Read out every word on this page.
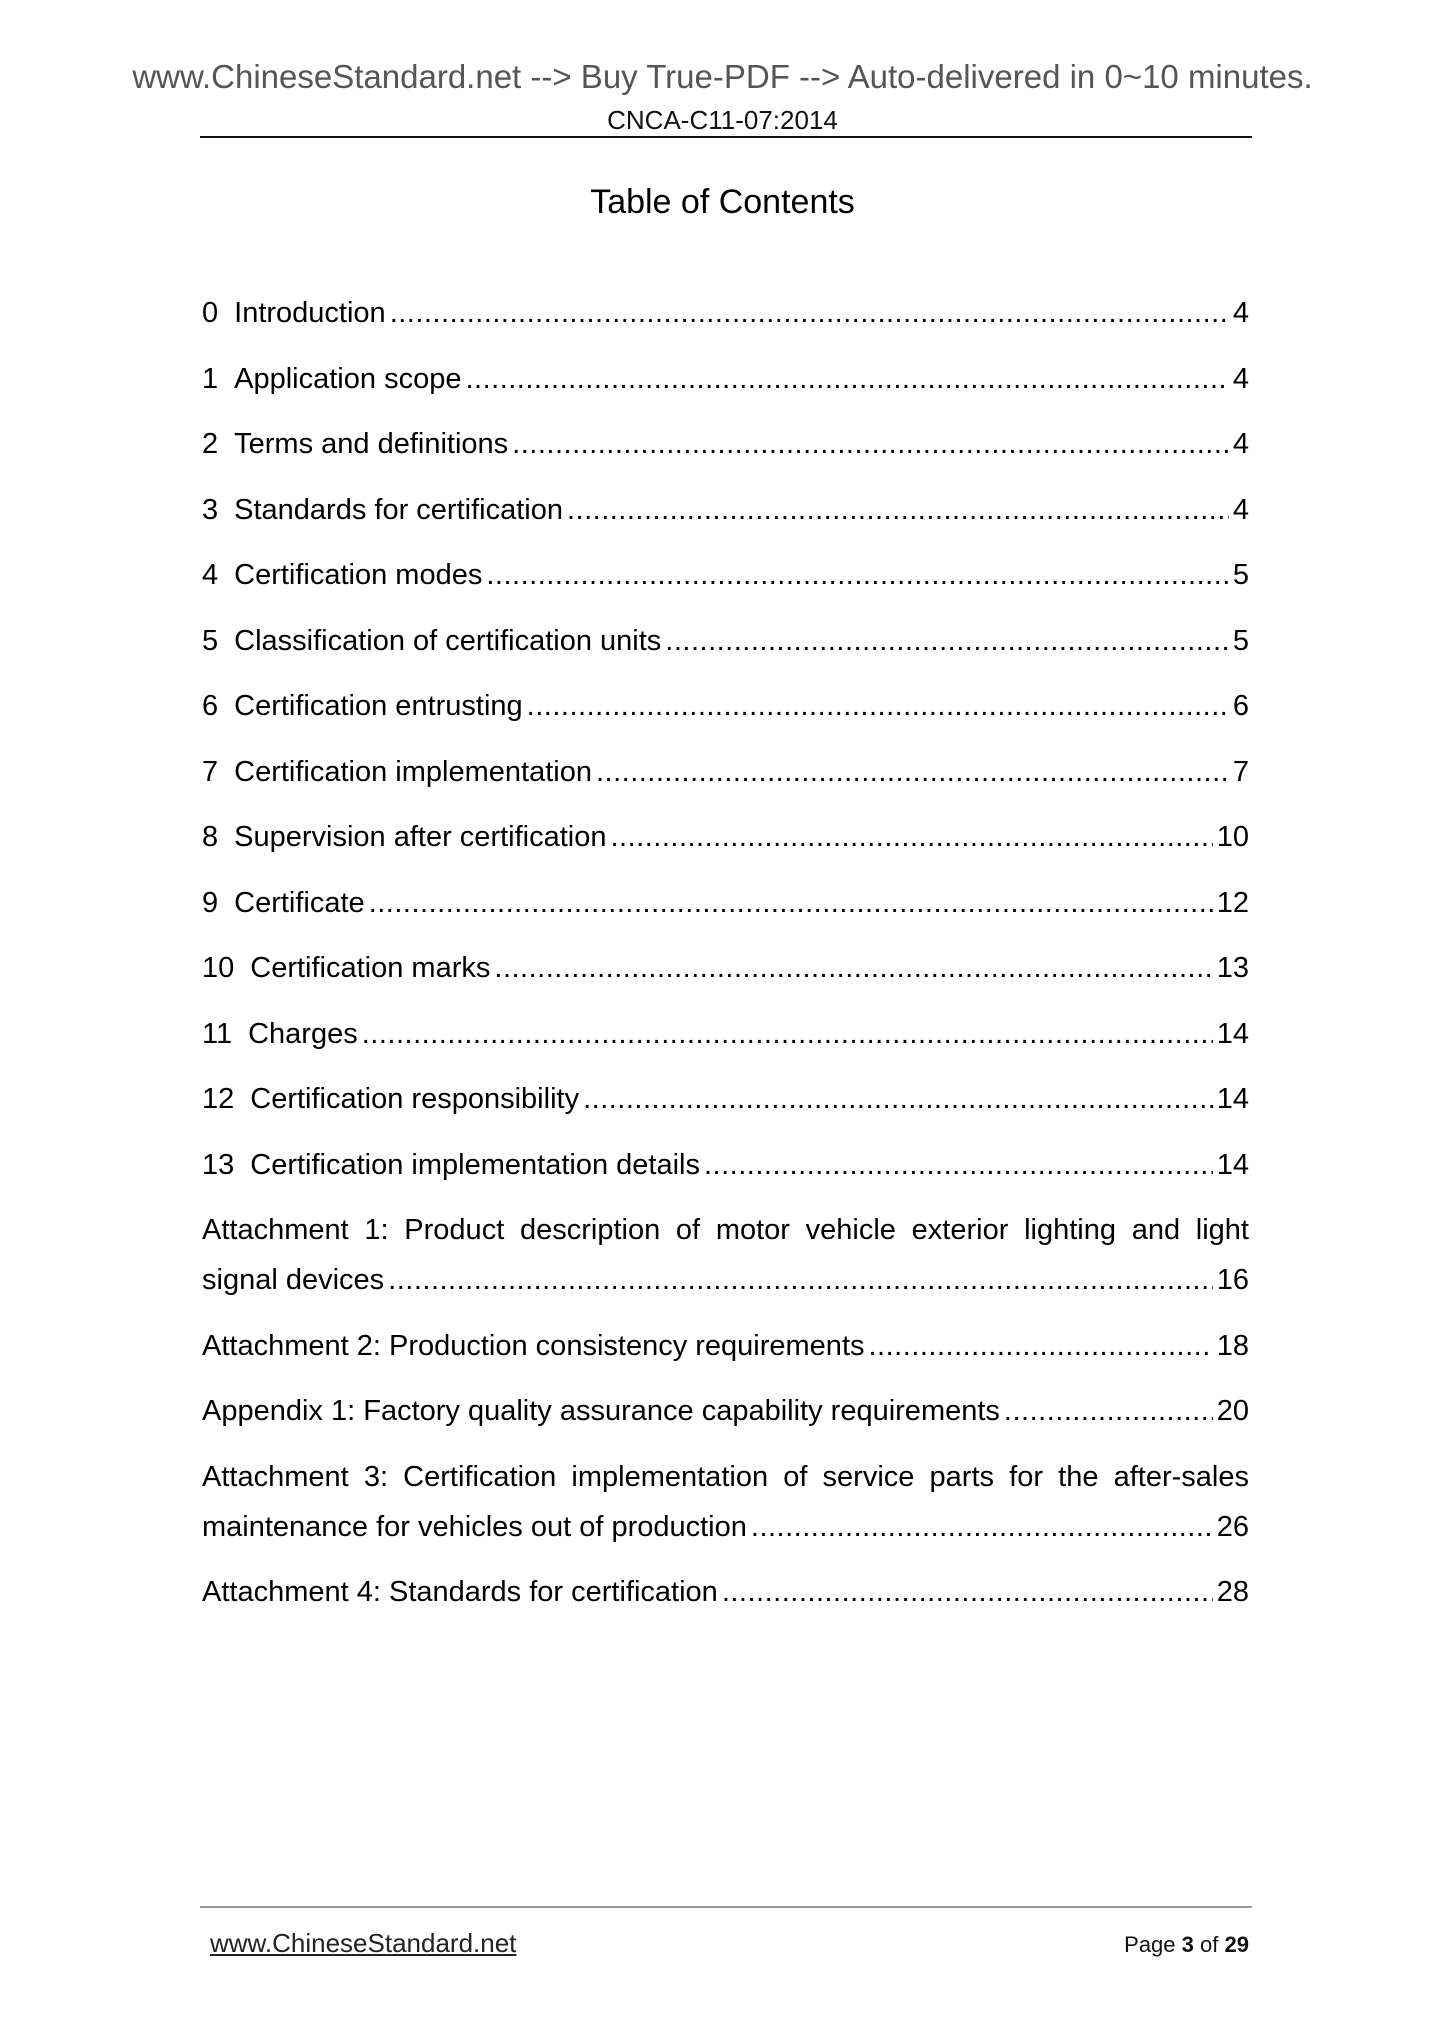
www.ChineseStandard.net --> Buy True-PDF --> Auto-delivered in 0~10 minutes.
CNCA-C11-07:2014
Table of Contents
0 Introduction .....	4
1 Application scope .....	4
2 Terms and definitions .....	4
3 Standards for certification .....	4
4 Certification modes .....	5
5 Classification of certification units .....	5
6 Certification entrusting .....	6
7 Certification implementation .....	7
8 Supervision after certification .....	10
9 Certificate .....	12
10 Certification marks .....	13
11 Charges .....	14
12 Certification responsibility .....	14
13 Certification implementation details .....	14
Attachment 1: Product description of motor vehicle exterior lighting and light
signal devices .....	16
Attachment 2: Production consistency requirements .....	18
Appendix 1: Factory quality assurance capability requirements .....	20
Attachment 3: Certification implementation of service parts for the after-sales
maintenance for vehicles out of production .....	26
Attachment 4: Standards for certification .....	28
www.ChineseStandard.net	Page 3 of 29
